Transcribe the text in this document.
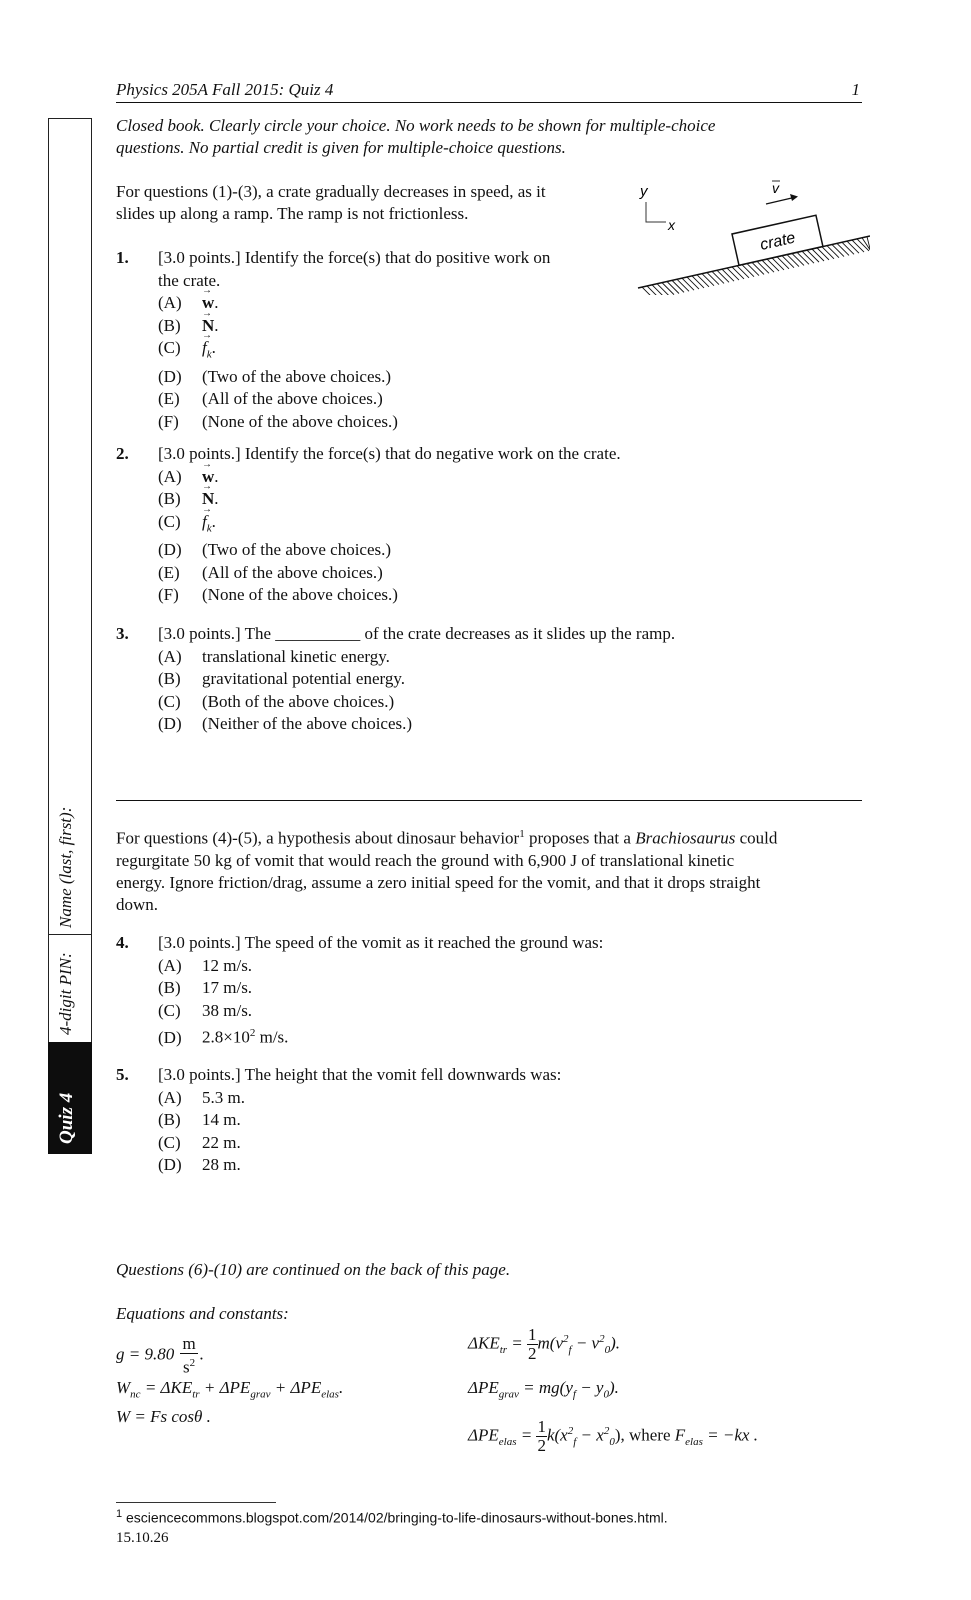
Physics 205A Fall 2015: Quiz 4	1
Name (last, first):
4-digit PIN:
Quiz 4
Closed book. Clearly circle your choice. No work needs to be shown for multiple-choice
questions. No partial credit is given for multiple-choice questions.
For questions (1)-(3), a crate gradually decreases in speed, as it
slides up along a ramp. The ramp is not frictionless.
y
x
crate
v
1. [3.0 points.] Identify the force(s) that do positive work on
the crate.
(A) → w.
(B) → N.
$(C) \to f_k$.
(D) (Two of the above choices.)
(E) (All of the above choices.)
(F) (None of the above choices.)
2. [3.0 points.] Identify the force(s) that do negative work on the crate.
(A) → w.
(B) → N.
$(C) \to f_k$.
(D) (Two of the above choices.)
(E) (All of the above choices.)
(F) (None of the above choices.)
3. [3.0 points.] The __________ of the crate decreases as it slides up the ramp.
(A) translational kinetic energy.
(B) gravitational potential energy.
(C) (Both of the above choices.)
(D) (Neither of the above choices.)
For questions (4)-(5), a hypothesis about dinosaur behavior$^1$ proposes that a Brachiosaurus could
regurgitate 50 kg of vomit that would reach the ground with 6,900 J of translational kinetic
energy. Ignore friction/drag, assume a zero initial speed for the vomit, and that it drops straight
down.
4. [3.0 points.] The speed of the vomit as it reached the ground was:
(A) 12 m/s.
(B) 17 m/s.
(C) 38 m/s.
(D) $2.8\times 10^2$ m/s.
5. [3.0 points.] The height that the vomit fell downwards was:
(A) 5.3 m.
(B) 14 m.
(C) 22 m.
(D) 28 m.
Questions (6)-(10) are continued on the back of this page.
Equations and constants:
$g = 9.80 \frac{m}{s^2}$ .
$W_{nc} = \Delta KE_{tr} + \Delta PE_{grav} + \Delta PE_{elas}$.
W = Fs cosθ .
$\Delta KE_{tr} = \frac{1}{2} m(v^2_f - v^2_0)$.
$\Delta PE_{grav} = mg(y_f - y_0)$.
$\Delta PE_{elas} = \frac{1}{2} k(x^2_f - x^2_0)$, where $F_{elas} = -kx$ .
$^1$ esciencecommons.blogspot.com/2014/02/bringing-to-life-dinosaurs-without-bones.html.
15.10.26
